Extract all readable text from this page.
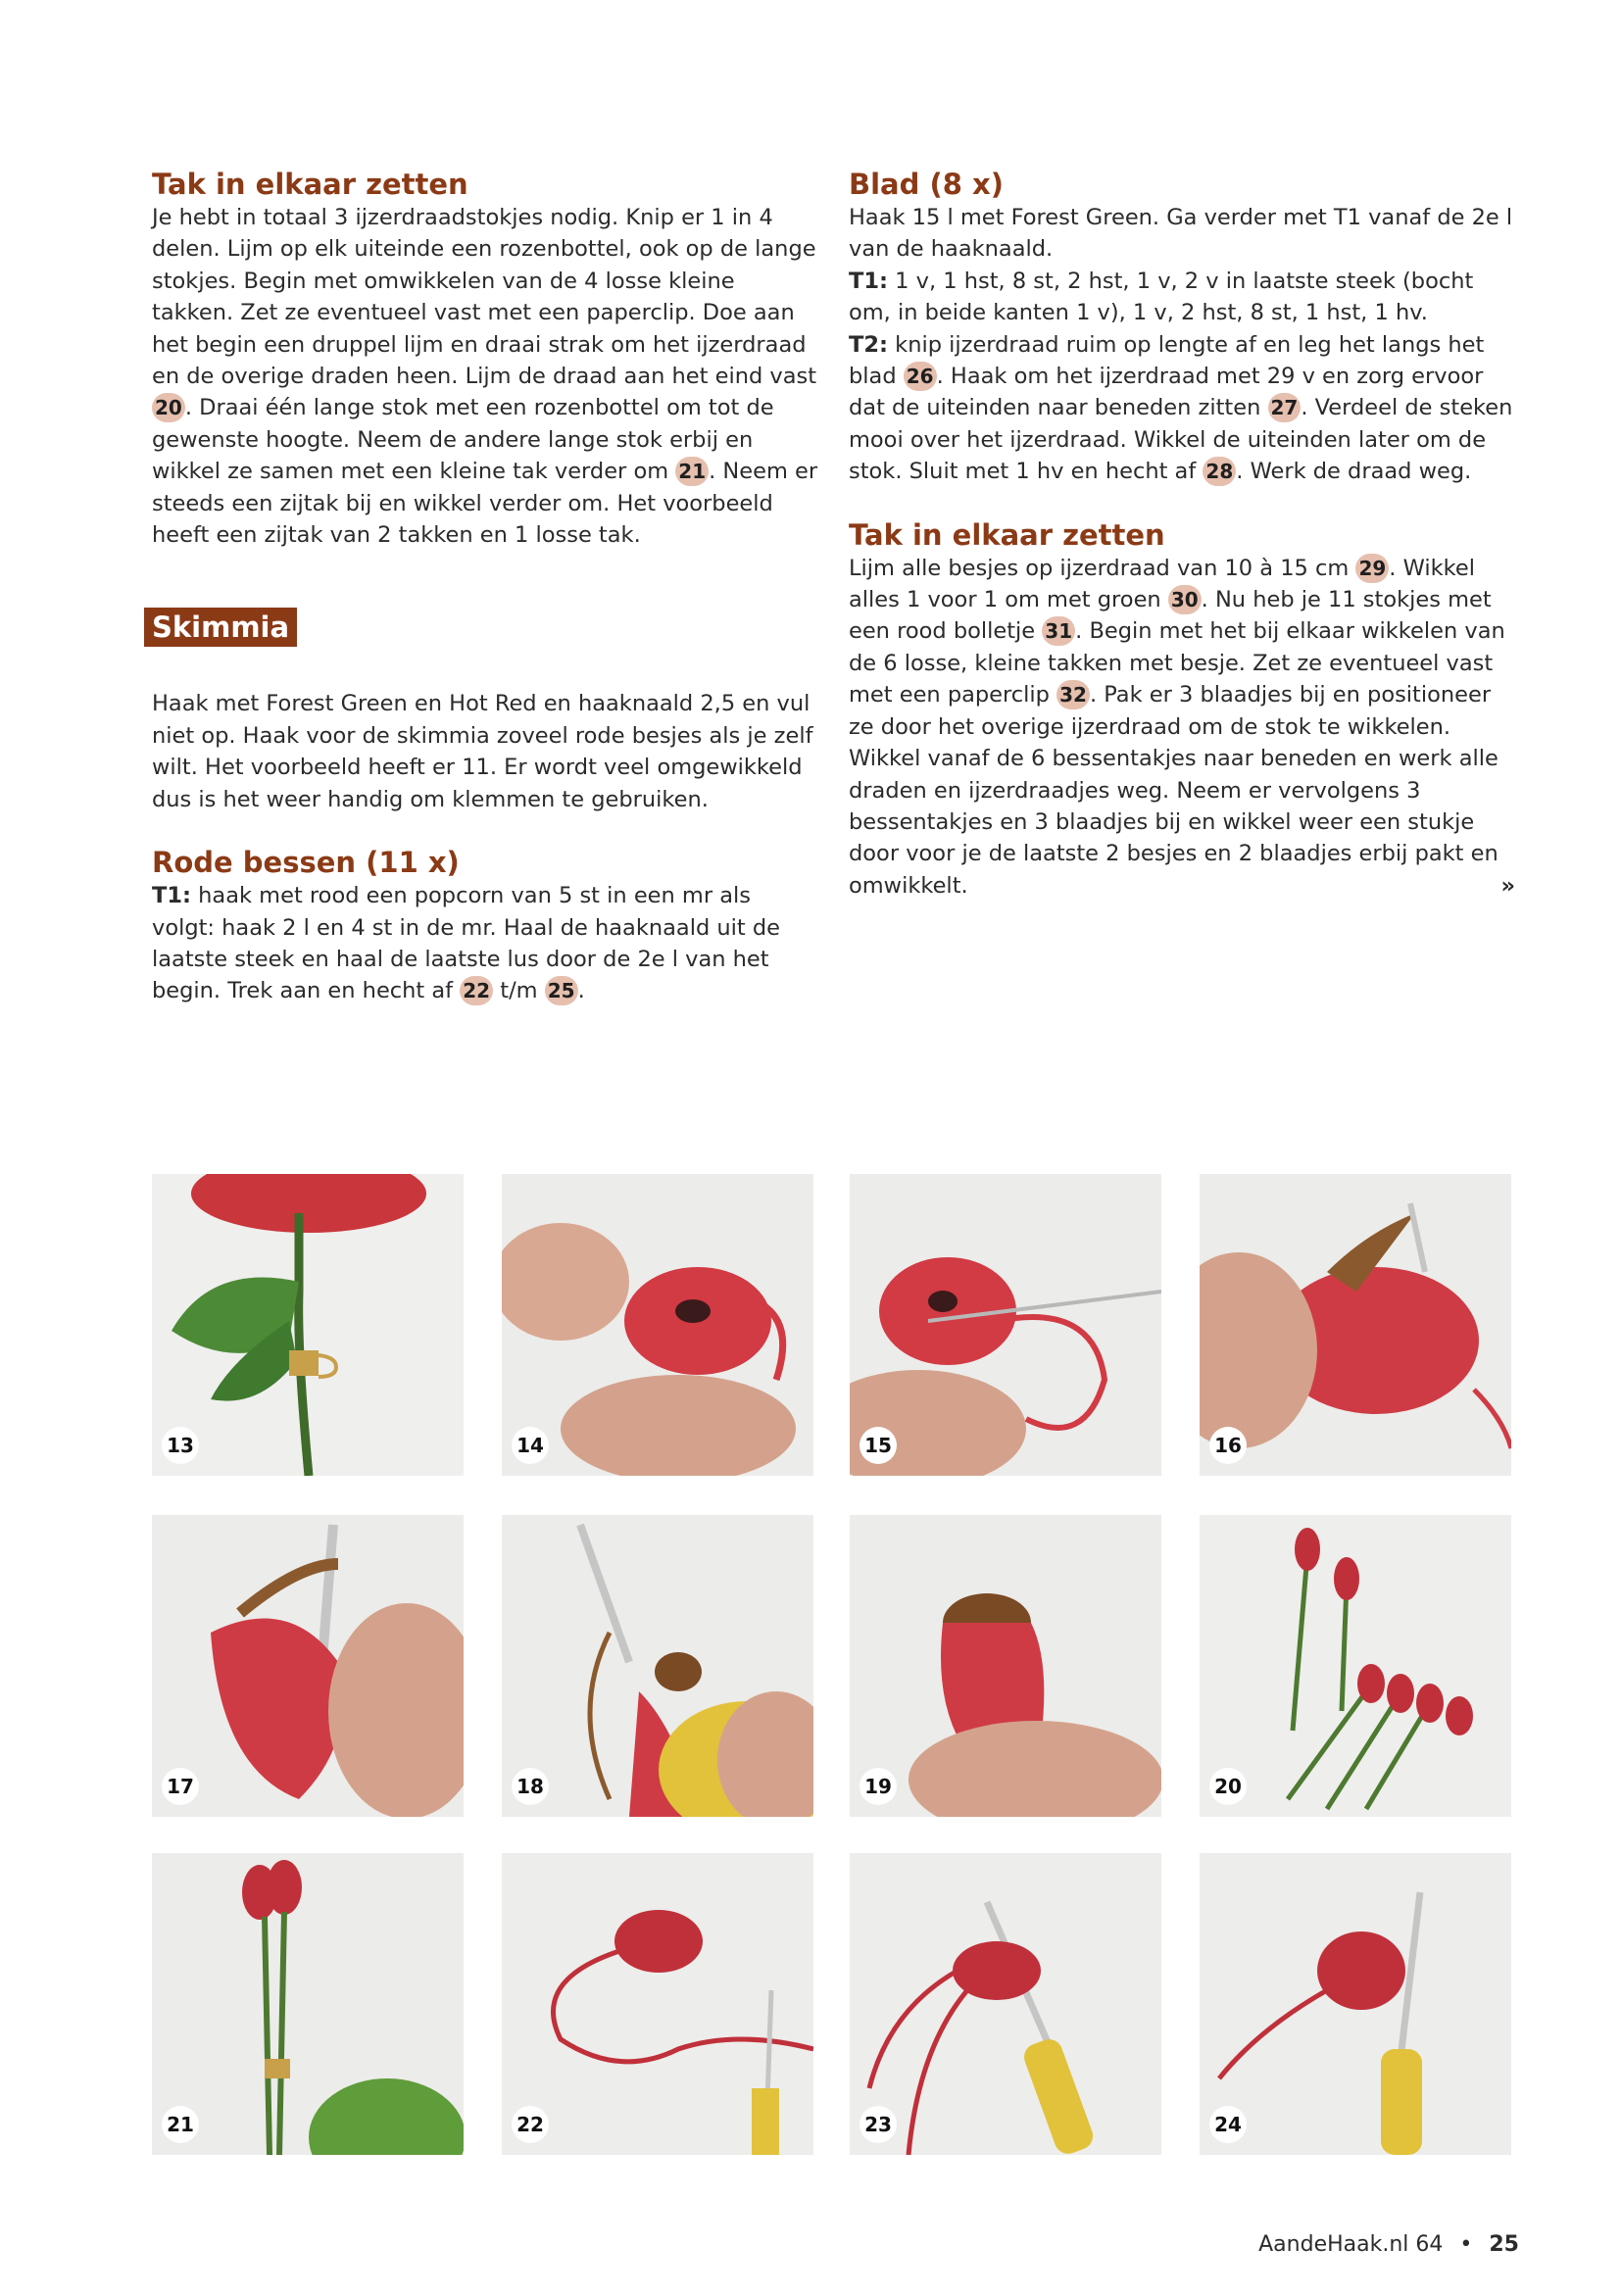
Tak in elkaar zetten

Je hebt in totaal 3 ijzerdraadstokjes nodig. Knip er 1 in 4 delen. Lijm op elk uiteinde een rozenbottel, ook op de lange stokjes. Begin met omwikkelen van de 4 losse kleine takken. Zet ze eventueel vast met een paperclip. Doe aan het begin een druppel lijm en draai strak om het ijzerdraad en de overige draden heen. Lijm de draad aan het eind vast 20 . Draai één lange stok met een rozenbottel om tot de gewenste hoogte. Neem de andere lange stok erbij en wikkel ze samen met een kleine tak verder om 21 . Neem er steeds een zijtak bij en wikkel verder om. Het voorbeeld heeft een zijtak van 2 takken en 1 losse tak.

Skimmia

Haak met Forest Green en Hot Red en haaknaald 2,5 en vul niet op. Haak voor de skimmia zoveel rode besjes als je zelf wilt. Het voorbeeld heeft er 11. Er wordt veel omgewikkeld dus is het weer handig om klemmen te gebruiken.

Rode bessen (11 x)

T1: haak met rood een popcorn van 5 st in een mr als volgt: haak 2 l en 4 st in de mr. Haal de haaknaald uit de laatste steek en haal de laatste lus door de 2e l van het begin. Trek aan en hecht af 22 t/m 25 .

Blad (8 x)

Haak 15 l met Forest Green. Ga verder met T1 vanaf de 2e l van de haaknaald.

T1: 1 v, 1 hst, 8 st, 2 hst, 1 v, 2 v in laatste steek (bocht om, in beide kanten 1 v), 1 v, 2 hst, 8 st, 1 hst, 1 hv.

T2: knip ijzerdraad ruim op lengte af en leg het langs het blad 26 . Haak om het ijzerdraad met 29 v en zorg ervoor dat de uiteinden naar beneden zitten 27 . Verdeel de steken mooi over het ijzerdraad. Wikkel de uiteinden later om de stok. Sluit met 1 hv en hecht af 28 . Werk de draad weg.

Tak in elkaar zetten

Lijm alle besjes op ijzerdraad van 10 à 15 cm 29 . Wikkel alles 1 voor 1 om met groen 30 . Nu heb je 11 stokjes met een rood bolletje 31 . Begin met het bij elkaar wikkelen van de 6 losse, kleine takken met besje. Zet ze eventueel vast met een paperclip 32 . Pak er 3 blaadjes bij en positioneer ze door het overige ijzerdraad om de stok te wikkelen. Wikkel vanaf de 6 bessentakjes naar beneden en werk alle draden en ijzerdraadjes weg. Neem er vervolgens 3 bessentakjes en 3 blaadjes bij en wikkel weer een stukje door voor je de laatste 2 besjes en 2 blaadjes erbij pakt en omwikkelt.	»

13	14	15	16
17	18	19	20
21	22	23	24
AandeHaak.nl 64 • 25
